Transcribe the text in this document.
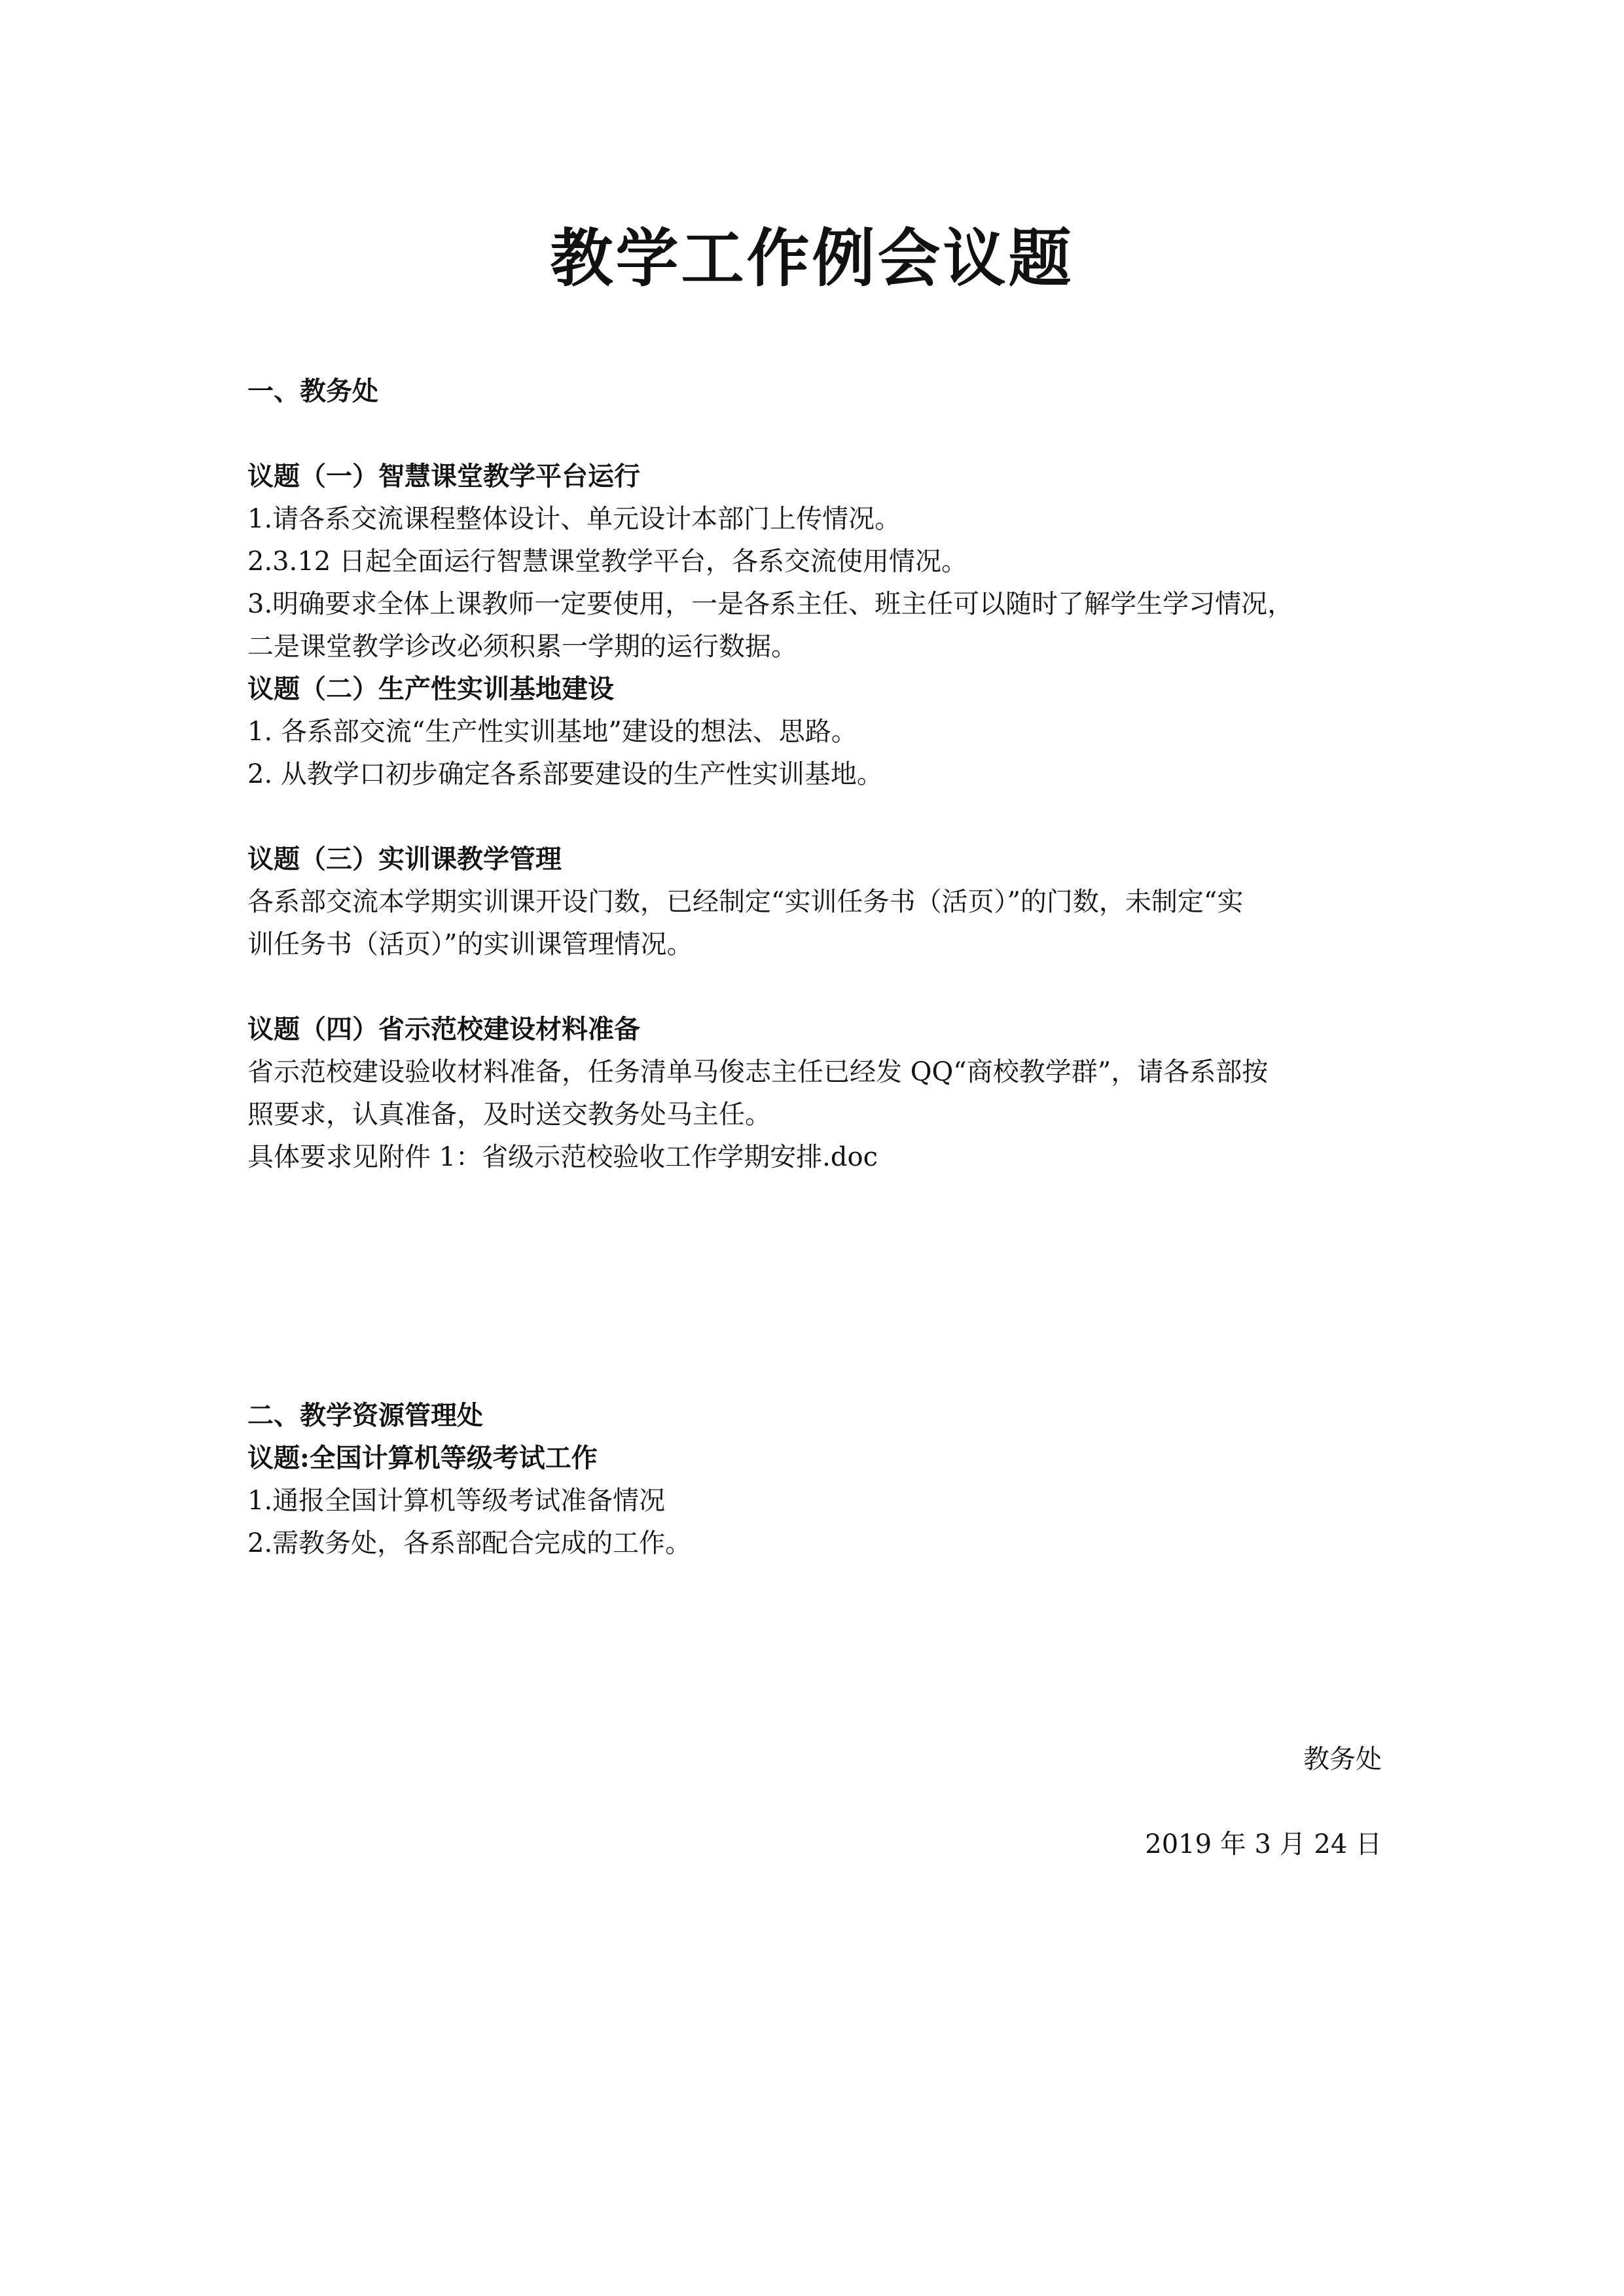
教学工作例会议题
一、教务处
议题（一）智慧课堂教学平台运行
1.请各系交流课程整体设计、单元设计本部门上传情况。
2.3.12 日起全面运行智慧课堂教学平台，各系交流使用情况。
3.明确要求全体上课教师一定要使用，一是各系主任、班主任可以随时了解学生学习情况，
二是课堂教学诊改必须积累一学期的运行数据。
议题（二）生产性实训基地建设
1. 各系部交流“生产性实训基地”建设的想法、思路。
2. 从教学口初步确定各系部要建设的生产性实训基地。
议题（三）实训课教学管理
各系部交流本学期实训课开设门数，已经制定“实训任务书（活页）”的门数，未制定“实
训任务书（活页）”的实训课管理情况。
议题（四）省示范校建设材料准备
省示范校建设验收材料准备，任务清单马俊志主任已经发 QQ“商校教学群”，请各系部按
照要求，认真准备，及时送交教务处马主任。
具体要求见附件 1：省级示范校验收工作学期安排.doc
二、教学资源管理处
议题:全国计算机等级考试工作
1.通报全国计算机等级考试准备情况
2.需教务处，各系部配合完成的工作。
教务处
2019 年 3 月 24 日
